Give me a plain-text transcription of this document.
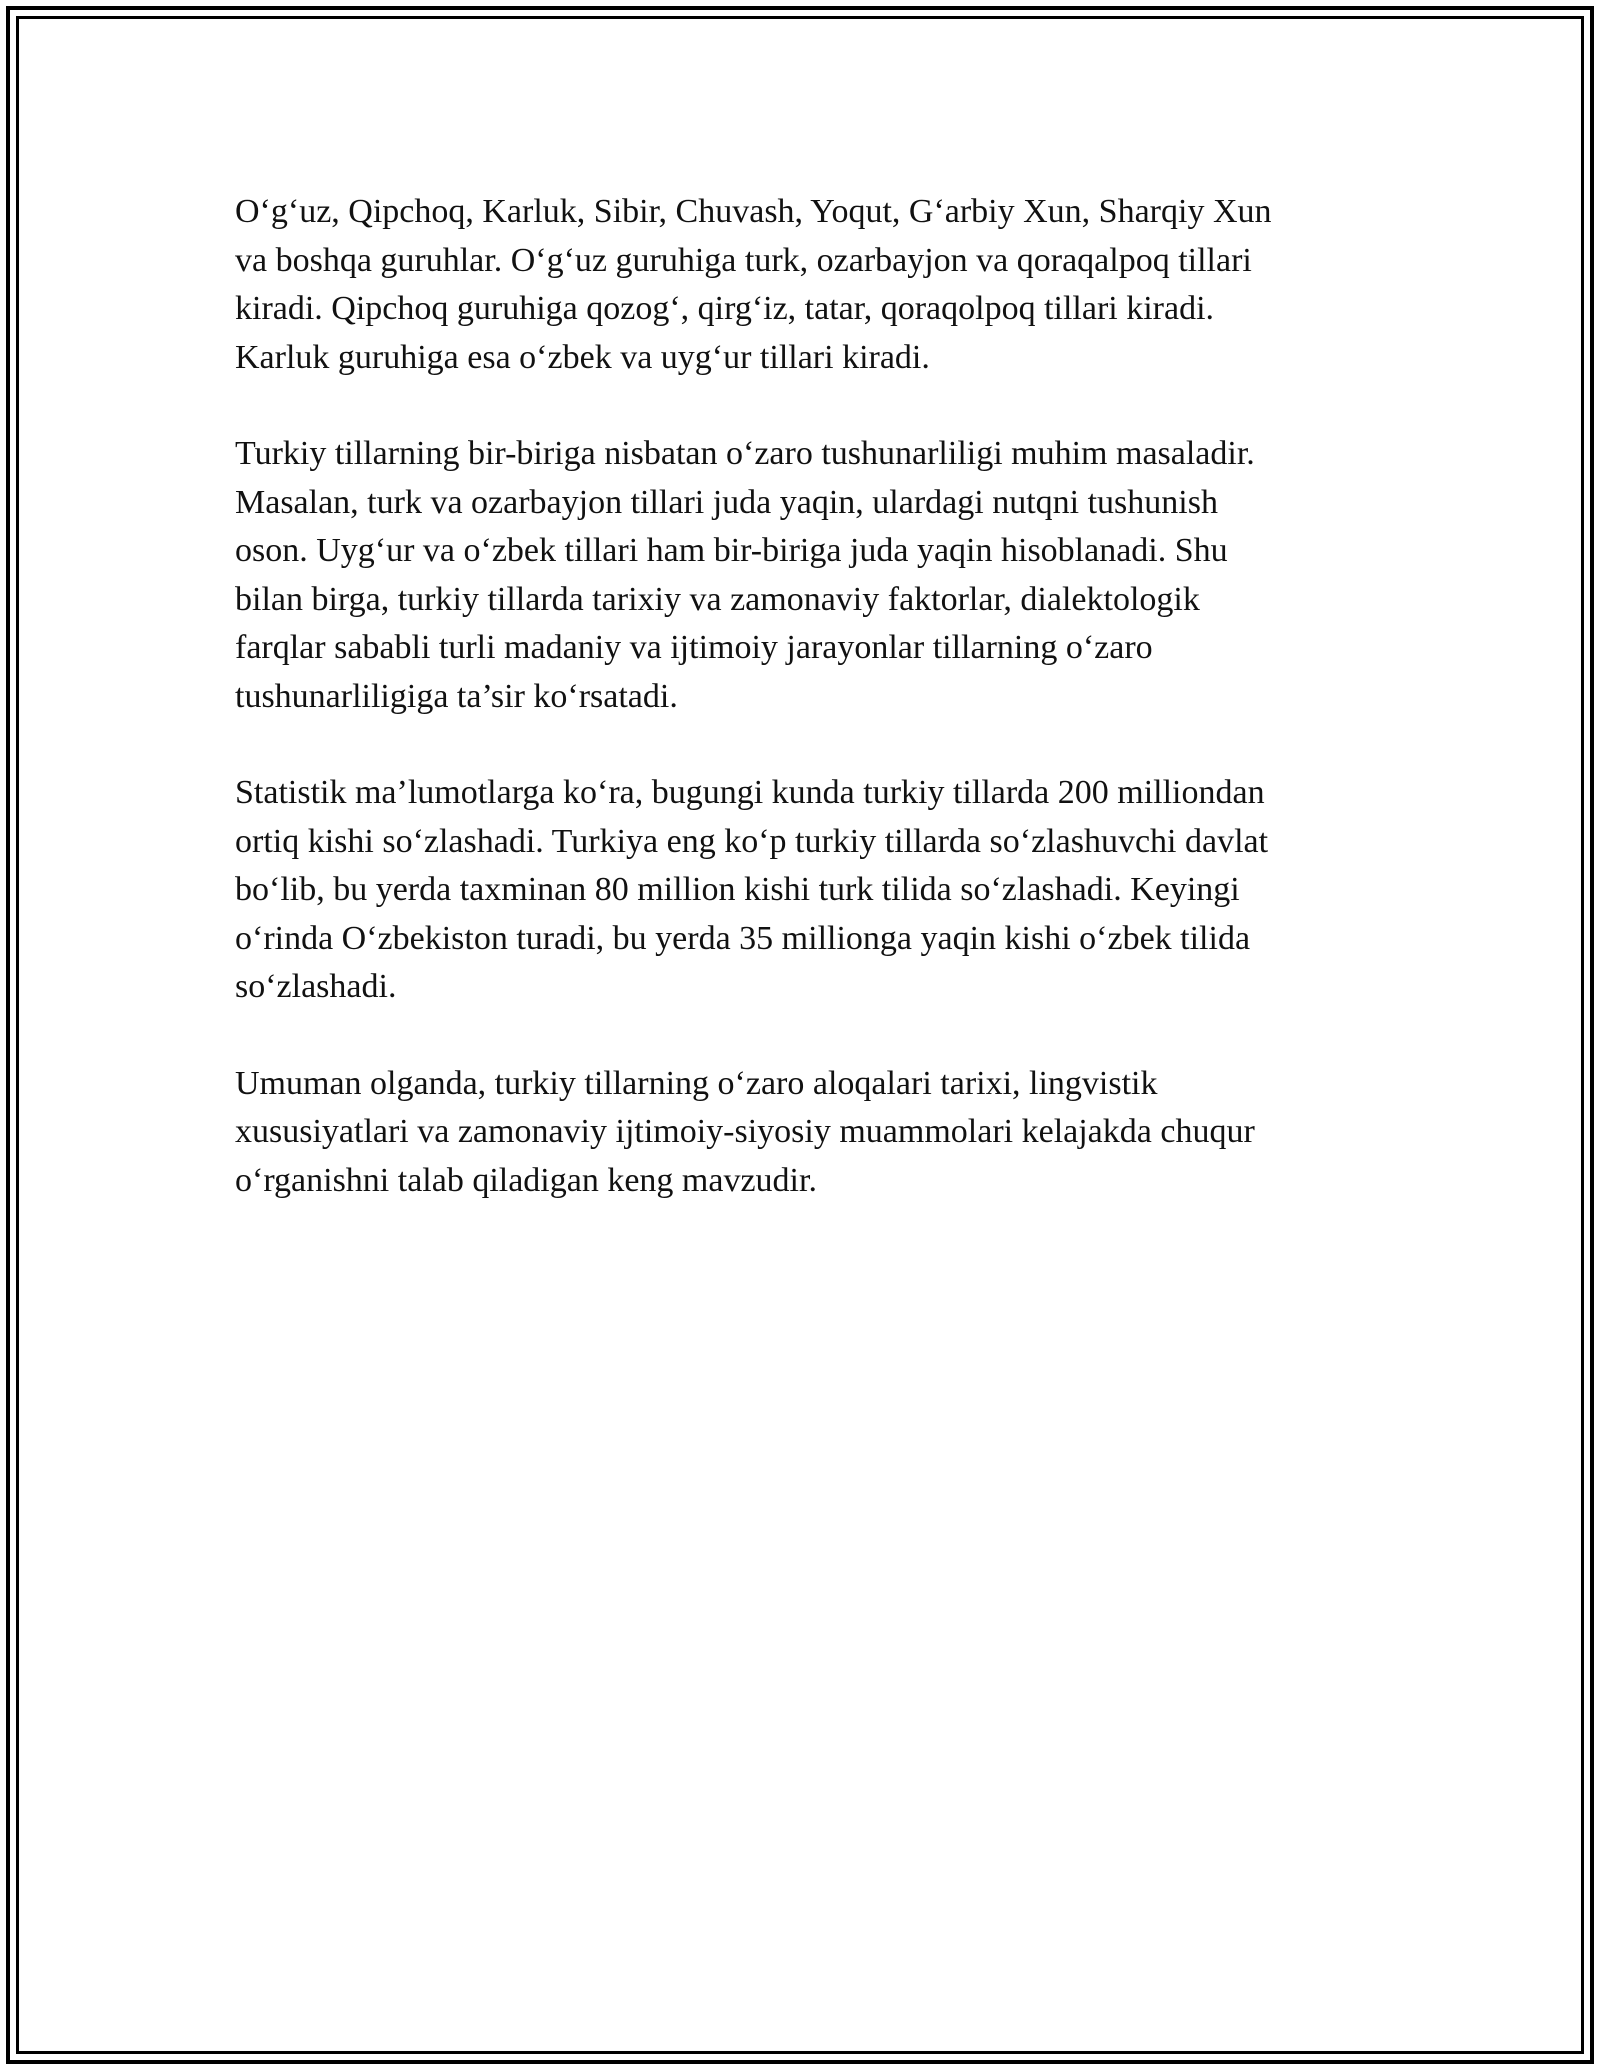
O‘g‘uz, Qipchoq, Karluk, Sibir, Chuvash, Yoqut, G‘arbiy Xun, Sharqiy Xun
va boshqa guruhlar. O‘g‘uz guruhiga turk, ozarbayjon va qoraqalpoq tillari
kiradi. Qipchoq guruhiga qozog‘, qirg‘iz, tatar, qoraqolpoq tillari kiradi.
Karluk guruhiga esa o‘zbek va uyg‘ur tillari kiradi.

Turkiy tillarning bir-biriga nisbatan o‘zaro tushunarliligi muhim masaladir.
Masalan, turk va ozarbayjon tillari juda yaqin, ulardagi nutqni tushunish
oson. Uyg‘ur va o‘zbek tillari ham bir-biriga juda yaqin hisoblanadi. Shu
bilan birga, turkiy tillarda tarixiy va zamonaviy faktorlar, dialektologik
farqlar sababli turli madaniy va ijtimoiy jarayonlar tillarning o‘zaro
tushunarliligiga ta’sir ko‘rsatadi.

Statistik ma’lumotlarga ko‘ra, bugungi kunda turkiy tillarda 200 milliondan
ortiq kishi so‘zlashadi. Turkiya eng ko‘p turkiy tillarda so‘zlashuvchi davlat
bo‘lib, bu yerda taxminan 80 million kishi turk tilida so‘zlashadi. Keyingi
o‘rinda O‘zbekiston turadi, bu yerda 35 millionga yaqin kishi o‘zbek tilida
so‘zlashadi.

Umuman olganda, turkiy tillarning o‘zaro aloqalari tarixi, lingvistik
xususiyatlari va zamonaviy ijtimoiy-siyosiy muammolari kelajakda chuqur
o‘rganishni talab qiladigan keng mavzudir.
